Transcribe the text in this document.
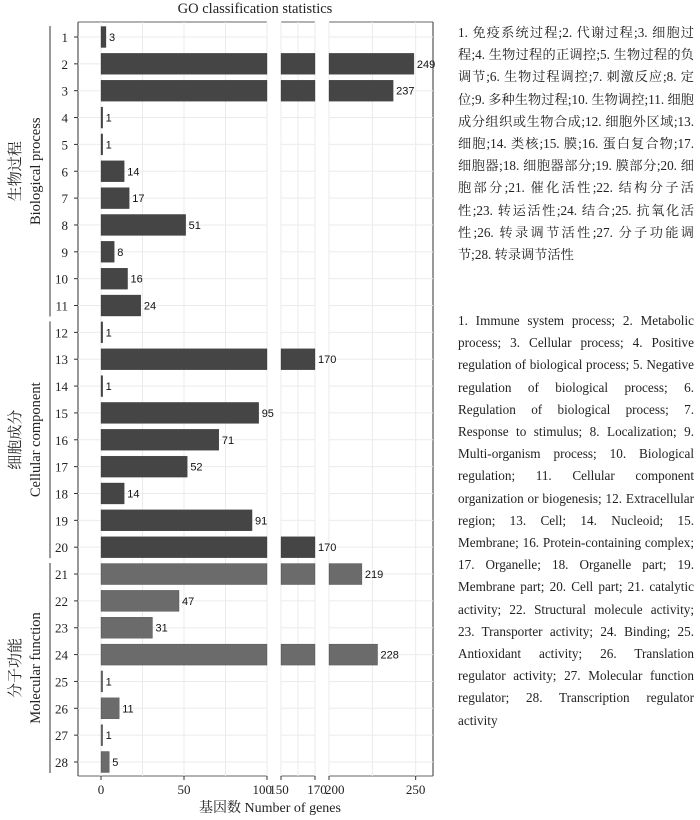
GO classification statistics
3
249
237
1
1
14
17
51
8
16
24
1
170
1
95
71
52
14
91
170
219
47
31
228
1
11
1
5
1
2
3
4
5
6
7
8
9
10
11
12
13
14
15
16
17
18
19
20
21
22
23
24
25
26
27
28
0	50	100
150 170
200	250
生物过程 Biological process
细胞成分 Cellular component
分子功能 Molecular function
基因数 Number of genes
1. 免疫系统过程;2. 代谢过程;3. 细胞过程;4. 生物过程的正调控;5. 生物过程的负调节;6. 生物过程调控;7. 刺激反应;8. 定位;9. 多种生物过程;10. 生物调控;11. 细胞成分组织或生物合成;12. 细胞外区域;13. 细胞;14. 类核;15. 膜;16. 蛋白复合物;17. 细胞器;18. 细胞器部分;19. 膜部分;20. 细胞部分;21. 催化活性;22. 结构分子活性;23. 转运活性;24. 结合;25. 抗氧化活性;26. 转录调节活性;27. 分子功能调节;28. 转录调节活性
1. Immune system process; 2. Metabolic process; 3. Cellular process; 4. Positive regulation of biological process; 5. Negative regulation of biological process; 6. Regulation of biological process; 7. Response to stimulus; 8. Localization; 9. Multi-organism process; 10. Biological regulation; 11. Cellular component organization or biogenesis; 12. Extracellular region; 13. Cell; 14. Nucleoid; 15. Membrane; 16. Protein-containing complex; 17. Organelle; 18. Organelle part; 19. Membrane part; 20. Cell part; 21. catalytic activity; 22. Structural molecule activity; 23. Transporter activity; 24. Binding; 25. Antioxidant activity; 26. Translation regulator activity; 27. Molecular function regulator; 28. Transcription regulator activity
